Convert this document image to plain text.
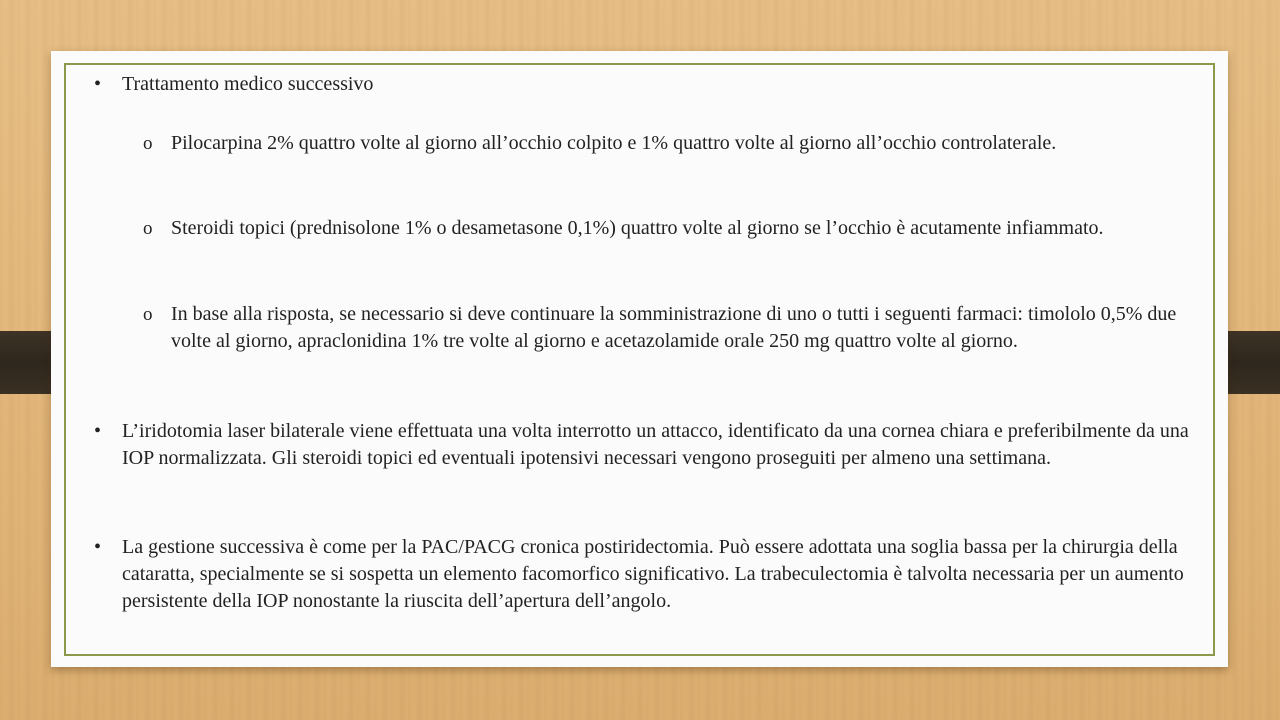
• Trattamento medico successivo
o Pilocarpina 2% quattro volte al giorno all’occhio colpito e 1% quattro volte al giorno all’occhio controlaterale.
o Steroidi topici (prednisolone 1% o desametasone 0,1%) quattro volte al giorno se l’occhio è acutamente infiammato.
o In base alla risposta, se necessario si deve continuare la somministrazione di uno o tutti i seguenti farmaci: timololo 0,5% due volte al giorno, apraclonidina 1% tre volte al giorno e acetazolamide orale 250 mg quattro volte al giorno.
• L’iridotomia laser bilaterale viene effettuata una volta interrotto un attacco, identificato da una cornea chiara e preferibilmente da una IOP normalizzata. Gli steroidi topici ed eventuali ipotensivi necessari vengono proseguiti per almeno una settimana.
• La gestione successiva è come per la PAC/PACG cronica postiridectomia. Può essere adottata una soglia bassa per la chirurgia della cataratta, specialmente se si sospetta un elemento facomorfico significativo. La trabeculectomia è talvolta necessaria per un aumento persistente della IOP nonostante la riuscita dell’apertura dell’angolo.
